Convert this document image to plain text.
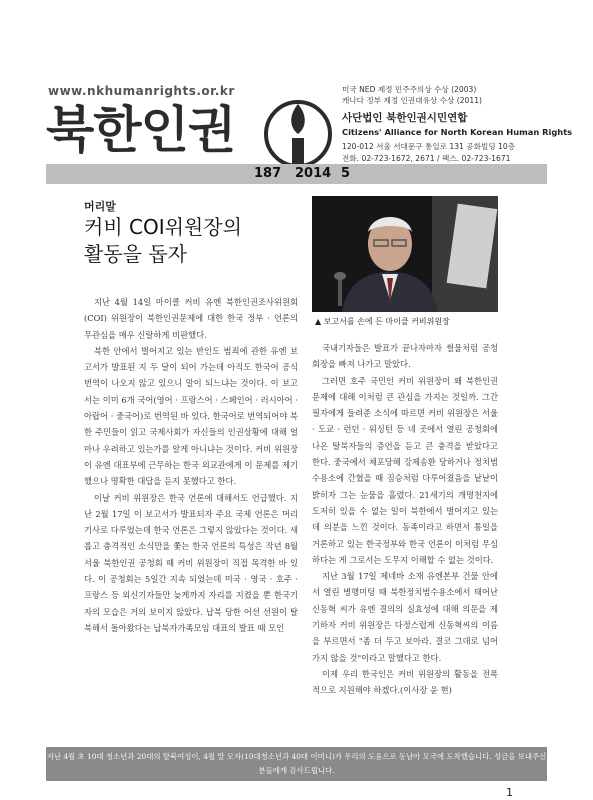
www.nkhumanrights.or.kr
북한인권
미국 NED 제정 민주주의상 수상 (2003)
캐나다 정부 제정 인권대유상 수상 (2011)
사단법인 북한인권시민연합
Citizens' Alliance for North Korean Human Rights
120-012 서울 서대문구 통일로 131 공화빌딩 10층
전화. 02-723-1672, 2671 / 팩스. 02-723-1671
187 2014 5
머리말
커비 COI위원장의
활동을 돕자
▲ 보고서를 손에 든 마이클 커비위원장

지난 4월 14일 마이클 커비 유엔 북한인권조사위원회(COI) 위원장이 북한인권문제에 대한 한국 정부 · 언론의 무관심을 매우 신랄하게 비판했다.

북한 안에서 벌어지고 있는 반인도 범죄에 관한 유엔 보고서가 발표된 지 두 달이 되어 가는데 아직도 한국어 공식번역이 나오지 않고 있으니 말이 되느냐는 것이다. 이 보고서는 이미 6개 국어(영어 · 프랑스어 · 스페인어 · 러시아어 · 아랍어 · 중국어)로 번역된 바 있다. 한국어로 번역되어야 북한 주민들이 읽고 국제사회가 자신들의 인권상황에 대해 얼마나 우려하고 있는가를 알게 아니냐는 것이다. 커비 위원장이 유엔 대표부에 근무하는 한국 외교관에게 이 문제를 제기했으나 명확한 대답을 듣지 못했다고 한다.

이날 커비 위원장은 한국 언론에 대해서도 언급했다. 지난 2월 17일 이 보고서가 발표되자 주요 국제 언론은 머리기사로 다루었는데 한국 언론은 그렇지 않았다는 것이다. 새롭고 충격적인 소식만을 쫓는 한국 언론의 특성은 작년 8월 서울 북한인권 공청회 때 커비 위원장이 직접 목격한 바 있다. 이 공청회는 5일간 지속 되었는데 미국 · 영국 · 호주 · 프랑스 등 외신기자들만 늦게까지 자리를 지켰을 뿐 한국기자의 모습은 거의 보이지 않았다. 납북 당한 어선 선원이 탈북해서 돌아왔다는 납북자가족모임 대표의 발표 때 모인

국내기자들은 발표가 끝나자마자 썰물처럼 공청회장을 빠져 나가고 말았다.

그러면 호주 국민인 커비 위원장이 왜 북한인권문제에 대해 이처럼 큰 관심을 가지는 것일까. 그간 필자에게 들려준 소식에 따르면 커비 위원장은 서울 · 도쿄 · 런던 · 워싱턴 등 네 곳에서 열린 공청회에 나온 탈북자들의 증언을 듣고 큰 충격을 받았다고 한다. 중국에서 체포당해 강제송환 당하거나 정치범수용소에 간혔을 때 짐승처럼 다루어졌음을 낱낱이 밝히자 그는 눈물을 흘렸다. 21세기의 개명천지에 도저히 있을 수 없는 일이 북한에서 벌어지고 있는 데 의분을 느낀 것이다. 동족이라고 하면서 통일을 거론하고 있는 한국정부와 한국 언론이 이처럼 무심하다는 게 그로서는 도무지 이해할 수 없는 것이다.

지난 3월 17일 제네바 소재 유엔본부 건물 안에서 열린 병행미팅 때 북한정치범수용소에서 태어난 신동혁 씨가 유엔 결의의 실효성에 대해 의문을 제기하자 커비 위원장은 다정스럽게 신동혁씨의 이름을 부르면서 "좀 더 두고 보아라. 결코 그대로 넘어가지 않을 것"이라고 말했다고 한다.

이제 우리 한국인은 커비 위원장의 활동을 전폭적으로 지원해야 하겠다.(이사장 윤 현)

지난 4월 초 10대 청소년과 20대의 탈북여성이, 4월 말 모자(10대청소년과 40대 어머니)가 우리의 도움으로 동남아 모국에 도착했습니다. 성금을 보내주신 분들에게 감사드립니다.
1
